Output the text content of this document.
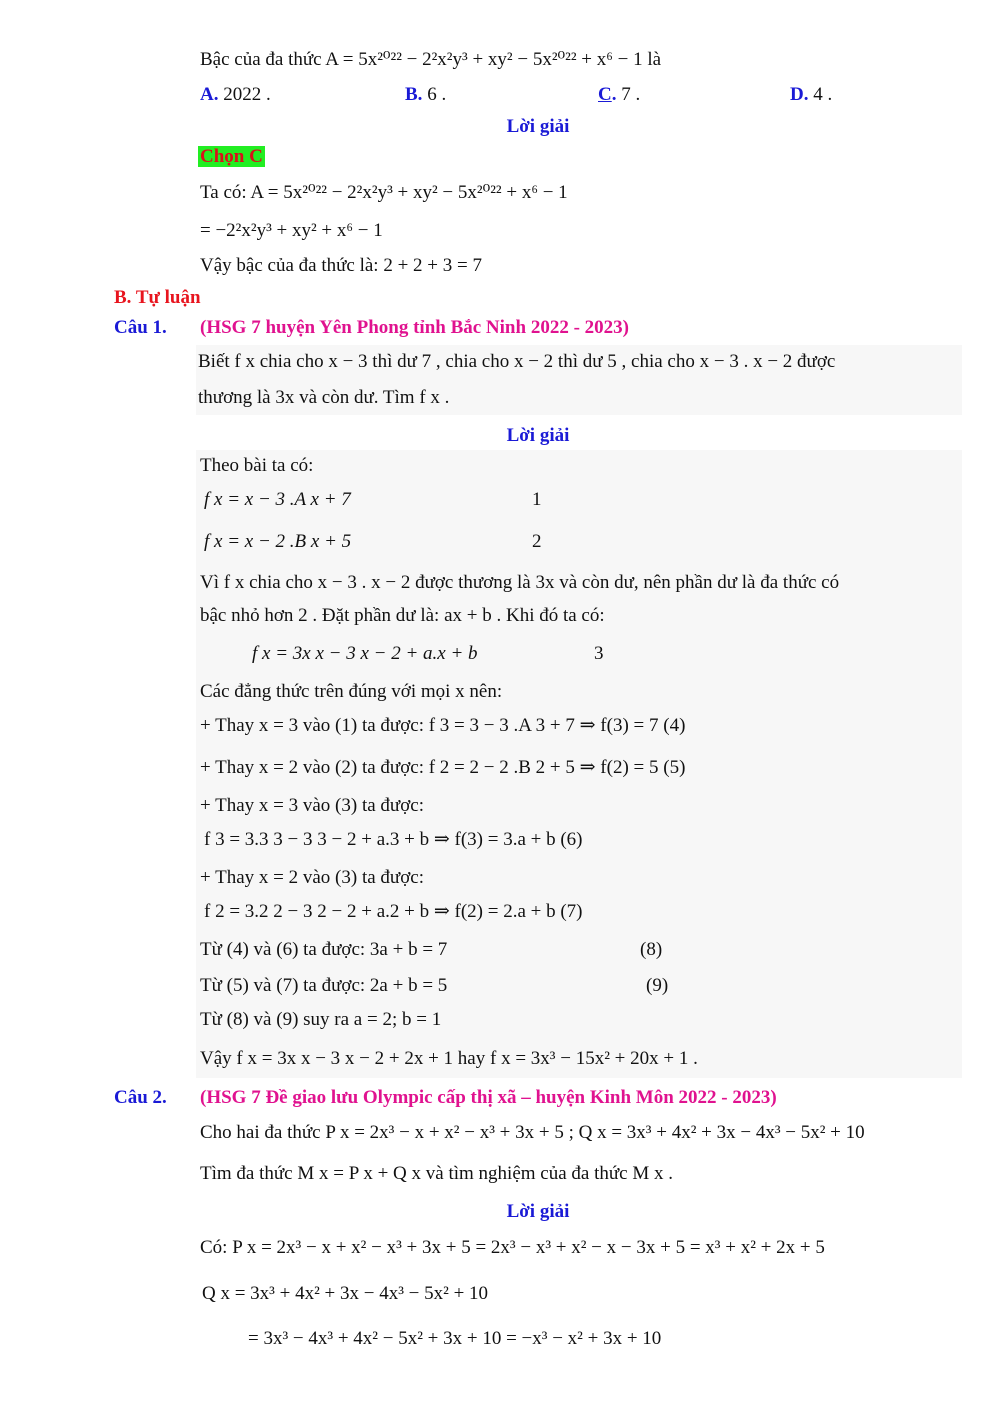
Bậc của đa thức A = 5x²⁰²² − 2²x²y³ + xy² − 5x²⁰²² + x⁶ − 1 là
A. 2022 .	B. 6 .	C. 7 .	D. 4 .
Lời giải
Chọn C
Ta có: A = 5x²⁰²² − 2²x²y³ + xy² − 5x²⁰²² + x⁶ − 1
= −2²x²y³ + xy² + x⁶ − 1
Vậy bậc của đa thức là: 2 + 2 + 3 = 7
B. Tự luận
Câu 1. (HSG 7 huyện Yên Phong tỉnh Bắc Ninh 2022 - 2023)
Biết f x chia cho x − 3 thì dư 7 , chia cho x − 2 thì dư 5 , chia cho x − 3 . x − 2 được
thương là 3x và còn dư. Tìm f x .
Lời giải
Theo bài ta có:
f x = x − 3 .A x + 7	1
f x = x − 2 .B x + 5	2
Vì f x chia cho x − 3 . x − 2 được thương là 3x và còn dư, nên phần dư là đa thức có
bậc nhỏ hơn 2 . Đặt phần dư là: ax + b . Khi đó ta có:
f x = 3x x − 3 x − 2 + a.x + b	3
Các đẳng thức trên đúng với mọi x nên:
+ Thay x = 3 vào (1) ta được: f 3 = 3 − 3 .A 3 + 7 ⇒ f(3) = 7 (4)
+ Thay x = 2 vào (2) ta được: f 2 = 2 − 2 .B 2 + 5 ⇒ f(2) = 5 (5)
+ Thay x = 3 vào (3) ta được:
f 3 = 3.3 3 − 3 3 − 2 + a.3 + b ⇒ f(3) = 3.a + b (6)
+ Thay x = 2 vào (3) ta được:
f 2 = 3.2 2 − 3 2 − 2 + a.2 + b ⇒ f(2) = 2.a + b (7)
Từ (4) và (6) ta được: 3a + b = 7	(8)
Từ (5) và (7) ta được: 2a + b = 5	(9)
Từ (8) và (9) suy ra a = 2; b = 1
Vậy f x = 3x x − 3 x − 2 + 2x + 1 hay f x = 3x³ − 15x² + 20x + 1 .
Câu 2. (HSG 7 Đề giao lưu Olympic cấp thị xã – huyện Kinh Môn 2022 - 2023)
Cho hai đa thức P x = 2x³ − x + x² − x³ + 3x + 5 ; Q x = 3x³ + 4x² + 3x − 4x³ − 5x² + 10
Tìm đa thức M x = P x + Q x và tìm nghiệm của đa thức M x .
Lời giải
Có: P x = 2x³ − x + x² − x³ + 3x + 5 = 2x³ − x³ + x² − x − 3x + 5 = x³ + x² + 2x + 5
Q x = 3x³ + 4x² + 3x − 4x³ − 5x² + 10
= 3x³ − 4x³ + 4x² − 5x² + 3x + 10 = −x³ − x² + 3x + 10
